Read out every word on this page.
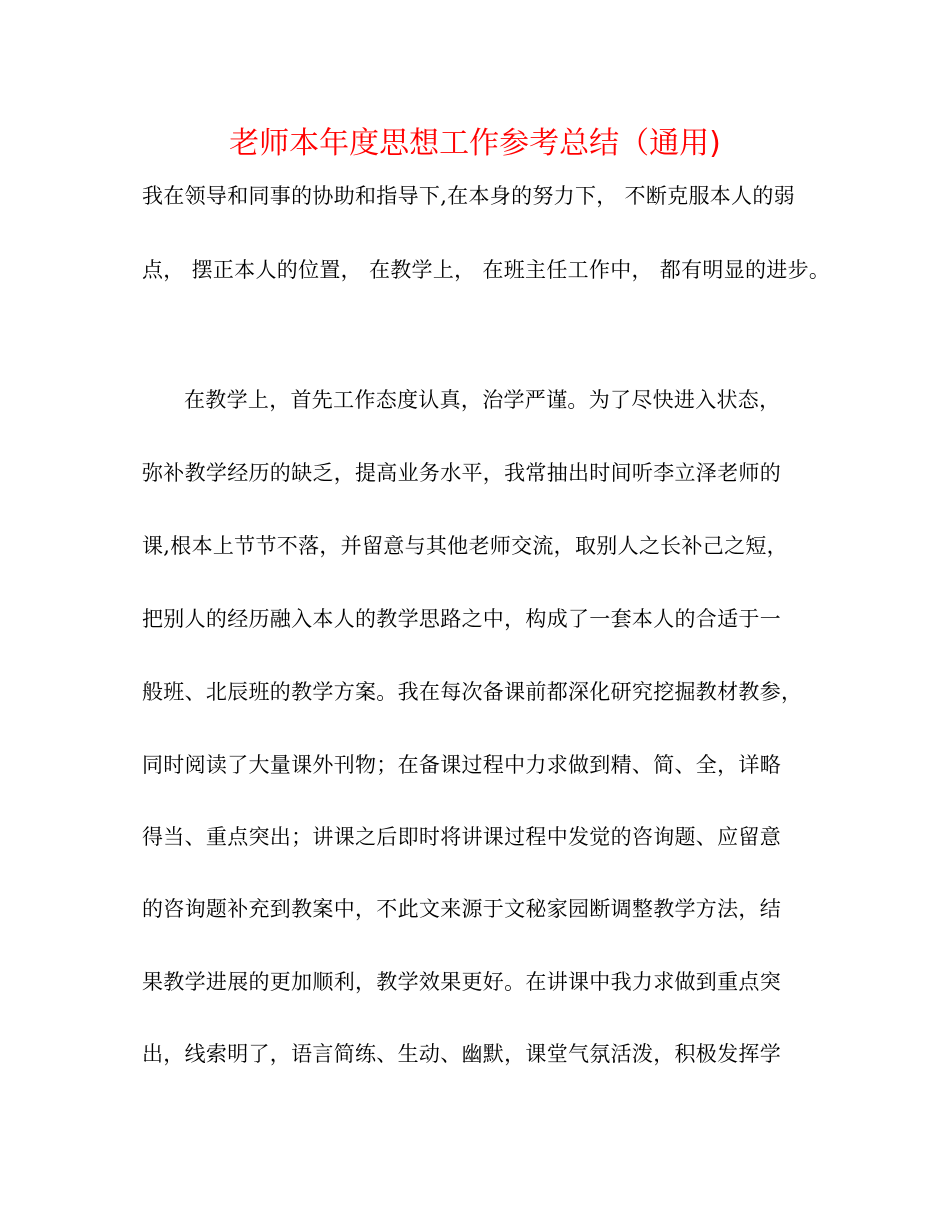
老师本年度思想工作参考总结（通用)
我在领导和同事的协助和指导下,在本身的努力下， 不断克服本人的弱
点， 摆正本人的位置， 在教学上， 在班主任工作中， 都有明显的进步。
在教学上，首先工作态度认真，治学严谨。为了尽快进入状态，
弥补教学经历的缺乏，提高业务水平，我常抽出时间听李立泽老师的
课,根本上节节不落，并留意与其他老师交流，取别人之长补己之短，
把别人的经历融入本人的教学思路之中，构成了一套本人的合适于一
般班、北辰班的教学方案。我在每次备课前都深化研究挖掘教材教参，
同时阅读了大量课外刊物；在备课过程中力求做到精、简、全，详略
得当、重点突出；讲课之后即时将讲课过程中发觉的咨询题、应留意
的咨询题补充到教案中，不此文来源于文秘家园断调整教学方法，结
果教学进展的更加顺利，教学效果更好。在讲课中我力求做到重点突
出，线索明了，语言简练、生动、幽默，课堂气氛活泼，积极发挥学
